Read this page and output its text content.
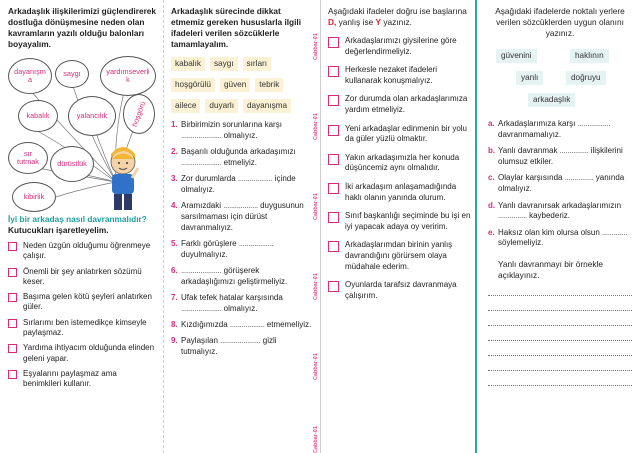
Cabbar-01
Cabbar-01
Cabbar-01
Cabbar-01
Cabbar-01
Cabbar-01

Arkadaşlık ilişkilerimizi güçlendirerek dostluğa dönüşmesine neden olan kavramların yazılı olduğu balonları boyayalım.

dayanışma
saygı	yardımseverlik
kabalık	yalancılık	hoşgörü
sır tutmak	dürüstlük
kibirlik
İyi bir arkadaş nasıl davranmalıdır?
Kutucukları işaretleyelim.
Neden üzgün olduğumu öğrenmeye çalışır.
Önemli bir şey anlatırken sözümü keser.
Başıma gelen kötü şeyleri anlatırken güler.
Sırlarımı ben istemedikçe kimseyle paylaşmaz.
Yardıma ihtiyacım olduğunda elinden geleni yapar.
Eşyalarını paylaşmaz ama benimkileri kullanır.

Arkadaşlık sürecinde dikkat etmemiz gereken hususlarla ilgili ifadeleri verilen sözcüklerle tamamlayalım.

kabalık	saygı	sırları
hoşgörülü	güven	tebrik
ailece	duyarlı	dayanışma
1. Birbirimizin sorunlarına karşı ..................... olmalıyız.
2. Başarılı olduğunda arkadaşımızı ..................... etmeliyiz.
3. Zor durumlarda .................. içinde olmalıyız.
4. Aramızdaki .................. duygusunun sarsılmaması için dürüst davranmalıyız.
5. Farklı görüşlere .................. duyulmalıyız.
6. ..................... görüşerek arkadaşlığımızı geliştirmeliyiz.
7. Ufak tefek hatalar karşısında ..................... olmalıyız.
8. Kızdığımızda .................. etmemeliyiz.
9. Paylaşılan ..................... gizli tutmalıyız.

Aşağıdaki ifadeler doğru ise başlarına D, yanlış ise Y yazınız.

Arkadaşlarımızı giysilerine göre değerlendirmeliyiz.
Herkesle nezaket ifadeleri kullanarak konuşmalıyız.
Zor durumda olan arkadaşlarımıza yardım etmeliyiz.
Yeni arkadaşlar edinmenin bir yolu da güler yüzlü olmaktır.
Yakın arkadaşımızla her konuda düşüncemiz aynı olmalıdır.
İki arkadaşım anlaşamadığında haklı olanın yanında olurum.
Sınıf başkanlığı seçiminde bu işi en iyi yapacak adaya oy veririm.
Arkadaşlarımdan birinin yanlış davrandığını görürsem olaya müdahale ederim.
Oyunlarda tarafsız davranmaya çalışırım.

Aşağıdaki ifadelerde noktalı yerlere verilen sözcüklerden uygun olanını yazınız.

güvenini	haklının
yanlı	doğruyu
arkadaşlık
a. Arkadaşlarımıza karşı ................. davranmamalıyız.
b. Yanlı davranmak ............... ilişkilerini olumsuz etkiler.
c. Olaylar karşısında ............... yanında olmalıyız.
d. Yanlı davranırsak arkadaşlarımızın ............... kaybederiz.
e. Haksız olan kim olursa olsun ............. söylemeliyiz.

Yanlı davranmayı bir örnekle açıklayınız.
